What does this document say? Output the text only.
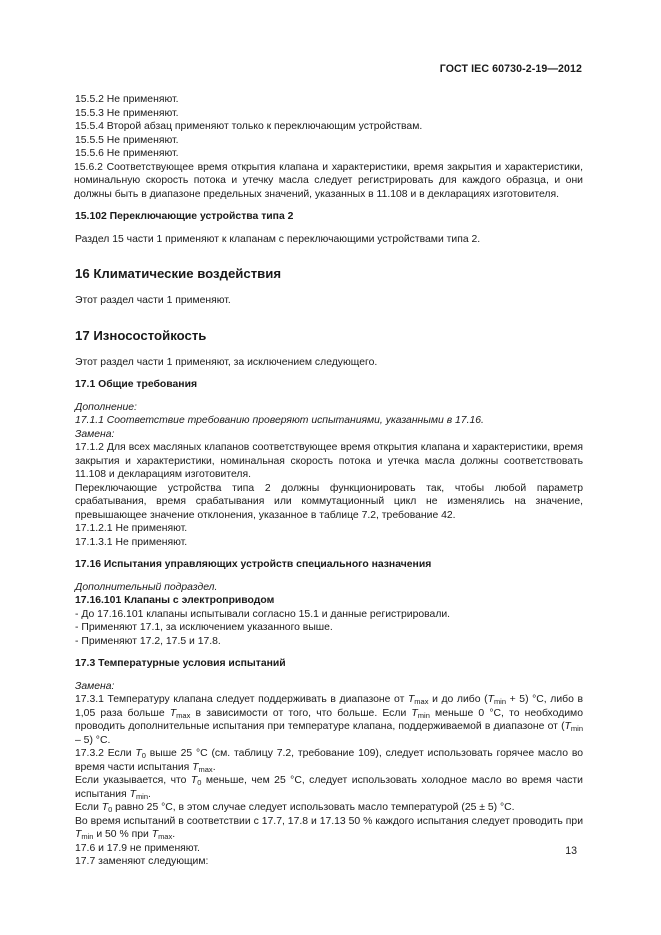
ГОСТ IEC 60730-2-19—2012

15.5.2 Не применяют.

15.5.3 Не применяют.

15.5.4 Второй абзац применяют только к переключающим устройствам.

15.5.5 Не применяют.

15.5.6 Не применяют.

15.6.2 Соответствующее время открытия клапана и характеристики, время закрытия и характеристики, номинальную скорость потока и утечку масла следует регистрировать для каждого образца, и они должны быть в диапазоне предельных значений, указанных в 11.108 и в декларациях изготовителя.

15.102 Переключающие устройства типа 2

Раздел 15 части 1 применяют к клапанам с переключающими устройствами типа 2.

16 Климатические воздействия

Этот раздел части 1 применяют.

17 Износостойкость

Этот раздел части 1 применяют, за исключением следующего.

17.1 Общие требования

Дополнение:

17.1.1 Соответствие требованию проверяют испытаниями, указанными в 17.16.

Замена:

17.1.2 Для всех масляных клапанов соответствующее время открытия клапана и характеристики, время закрытия и характеристики, номинальная скорость потока и утечка масла должны соответствовать 11.108 и декларациям изготовителя.

Переключающие устройства типа 2 должны функционировать так, чтобы любой параметр срабатывания, время срабатывания или коммутационный цикл не изменялись на значение, превышающее значение отклонения, указанное в таблице 7.2, требование 42.

17.1.2.1 Не применяют.

17.1.3.1 Не применяют.

17.16 Испытания управляющих устройств специального назначения

Дополнительный подраздел.

17.16.101 Клапаны с электроприводом

- До 17.16.101 клапаны испытывали согласно 15.1 и данные регистрировали.

- Применяют 17.1, за исключением указанного выше.

- Применяют 17.2, 17.5 и 17.8.

17.3 Температурные условия испытаний

Замена:

17.3.1 Температуру клапана следует поддерживать в диапазоне от $T_{max}$ и до либо $(T_{min} + 5)$ °C, либо в 1,05 раза больше $T_{max}$ в зависимости от того, что больше. Если $T_{min}$ меньше 0 °C, то необходимо проводить дополнительные испытания при температуре клапана, поддерживаемой в диапазоне от $(T_{min} - 5)$ °C.

17.3.2 Если $T_0$ выше 25 °C (см. таблицу 7.2, требование 109), следует использовать горячее масло во время части испытания $T_{max}$.

Если указывается, что $T_0$ меньше, чем 25 °C, следует использовать холодное масло во время части испытания $T_{min}$.

Если $T_0$ равно 25 °C, в этом случае следует использовать масло температурой (25 ± 5) °C.

Во время испытаний в соответствии с 17.7, 17.8 и 17.13 50 % каждого испытания следует проводить при $T_{min}$ и 50 % при $T_{max}$.

17.6 и 17.9 не применяют.

17.7 заменяют следующим:

13
